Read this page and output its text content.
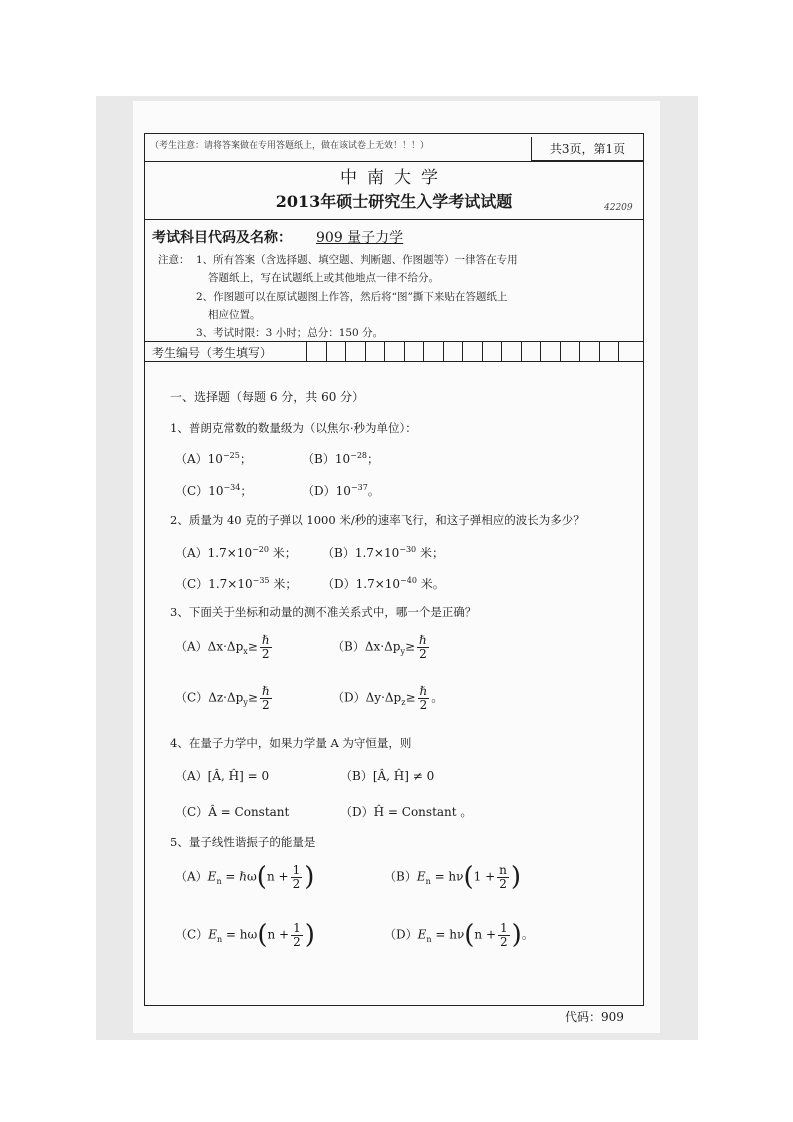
（考生注意：请将答案做在专用答题纸上，做在该试卷上无效！！！）	共3页，第1页
中南大学
2013年硕士研究生入学考试试题	42209
考试科目代码及名称： 909 量子力学
注意： 1、所有答案（含选择题、填空题、判断题、作图题等）一律答在专用
答题纸上，写在试题纸上或其他地点一律不给分。
2、作图题可以在原试题图上作答，然后将“图”撕下来贴在答题纸上
相应位置。
3、考试时限：3 小时；总分：150 分。
考生编号（考生填写）
一、选择题（每题 6 分，共 60 分）
1、普朗克常数的数量级为（以焦尔·秒为单位）：
$(A)10^{-25}$；	$(B)10^{-28}$；
$(C)10^{-34}$；	$(D)10^{-37}$。
2、质量为 40 克的子弹以 1000 米/秒的速率飞行，和这子弹相应的波长为多少？
$(A)1.7\times 10^{-20}$ 米； $(B)1.7\times 10^{-30}$ 米；
$(C)1.7\times 10^{-35}$ 米； $(D)1.7\times 10^{-40}$ 米。
3、下面关于坐标和动量的测不准关系式中，哪一个是正确？
$(A)\Delta x\cdot\Delta p_x\ge \frac{\text{ℏ}}{2}$	$(B)\Delta x\cdot\Delta p_y\ge \frac{\text{ℏ}}{2}$
$(C)\Delta z\cdot\Delta p_y\ge \frac{\text{ℏ}}{2}$	$(D)\Delta y\cdot\Delta p_z\ge \frac{\text{ℏ}}{2}$ 。
4、在量子力学中，如果力学量 A 为守恒量，则
（A）[Â, Ĥ] = 0	（B）[Â, Ĥ] ≠ 0
（C）Â = Constant	（D）Ĥ = Constant 。
5、量子线性谐振子的能量是
$(A)E_n$ = ℏω(n + $\frac{1}{2}$ )	$(B)E_n = h\nu(1 + \frac{n}{2}$ )
$(C)E_n = h\omega(n + \frac{1}{2}$ )	$(D)E_n = h\nu(n + \frac{1}{2}$ )。
代码：909
